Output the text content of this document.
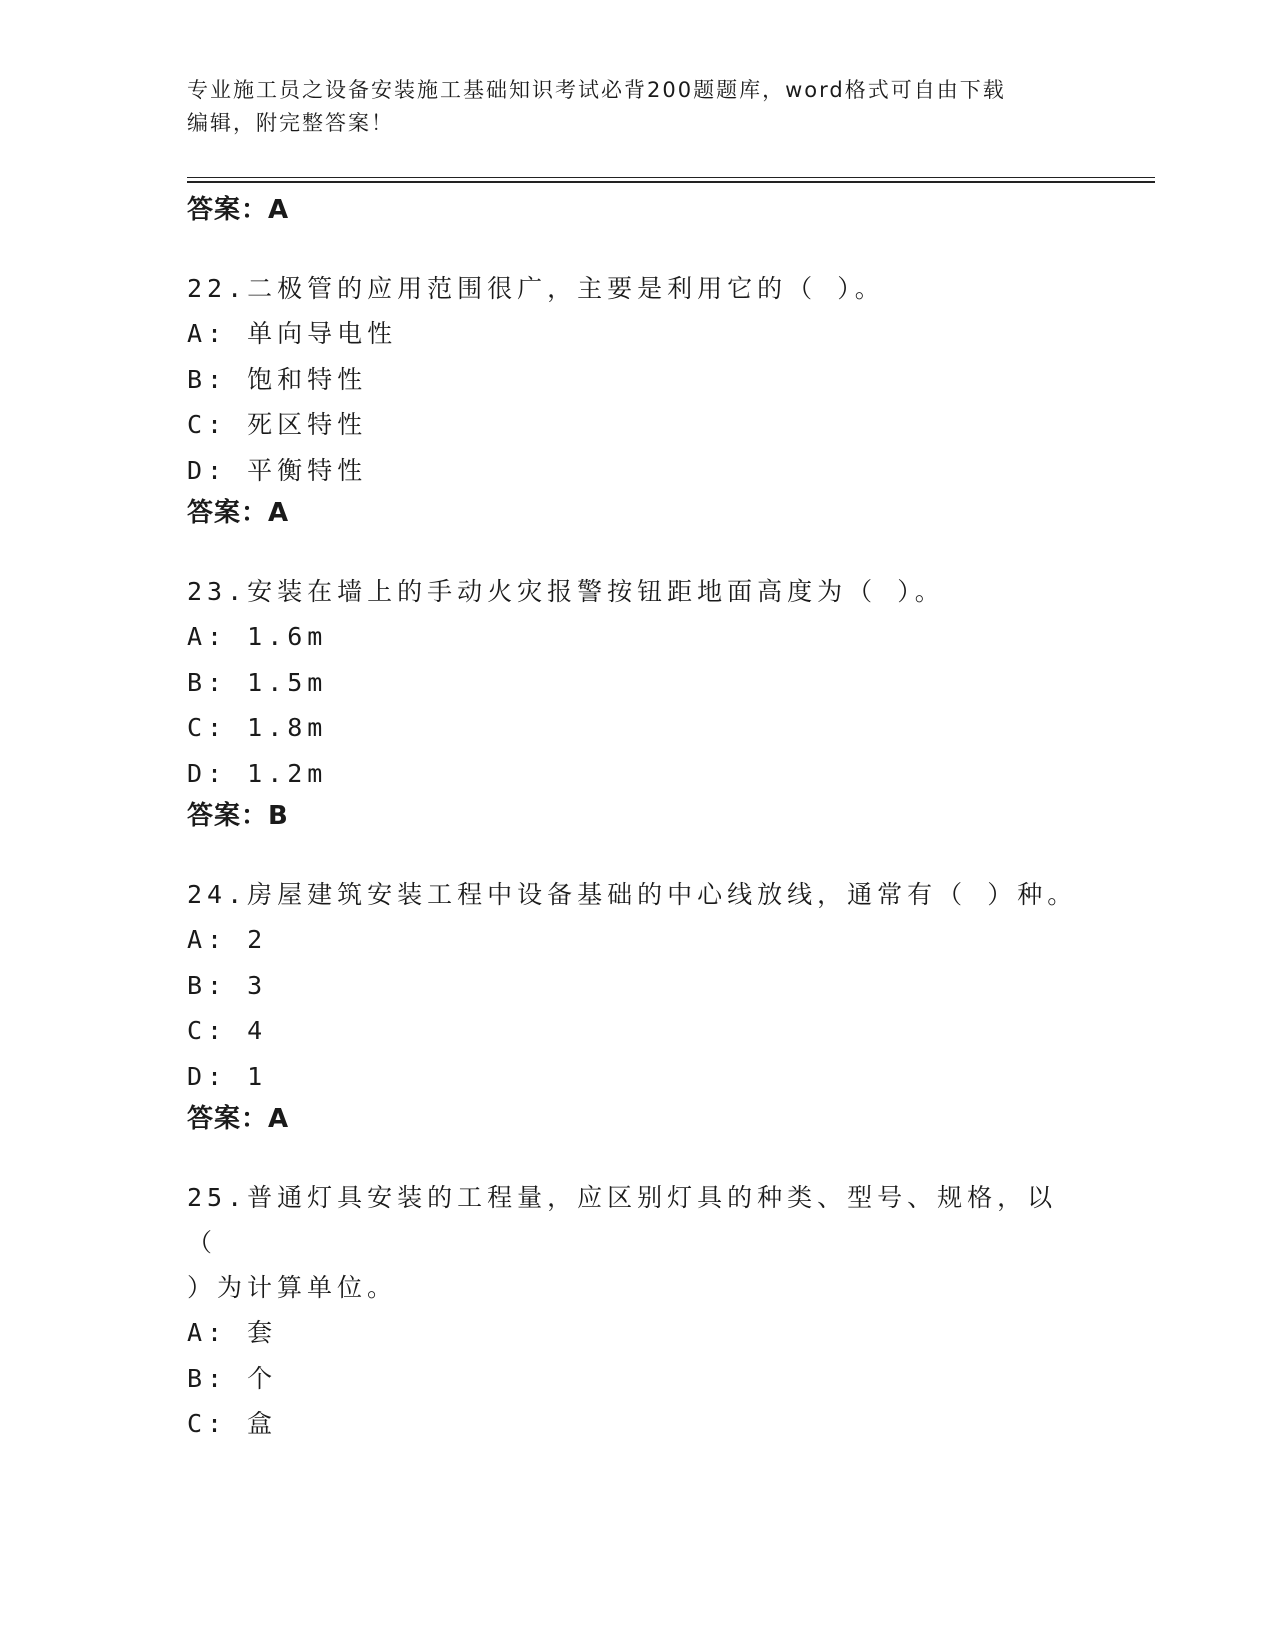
专业施工员之设备安装施工基础知识考试必背200题题库，word格式可自由下载
编辑，附完整答案！

答案：A

22.二极管的应用范围很广，主要是利用它的（ ）。

A: 单向导电性

B: 饱和特性

C: 死区特性

D: 平衡特性

答案：A

23.安装在墙上的手动火灾报警按钮距地面高度为（ ）。

A: 1.6m

B: 1.5m

C: 1.8m

D: 1.2m

答案：B

24.房屋建筑安装工程中设备基础的中心线放线，通常有（ ）种。

A: 2

B: 3

C: 4

D: 1

答案：A

25.普通灯具安装的工程量，应区别灯具的种类、型号、规格，以（

）为计算单位。

A: 套

B: 个

C: 盒
